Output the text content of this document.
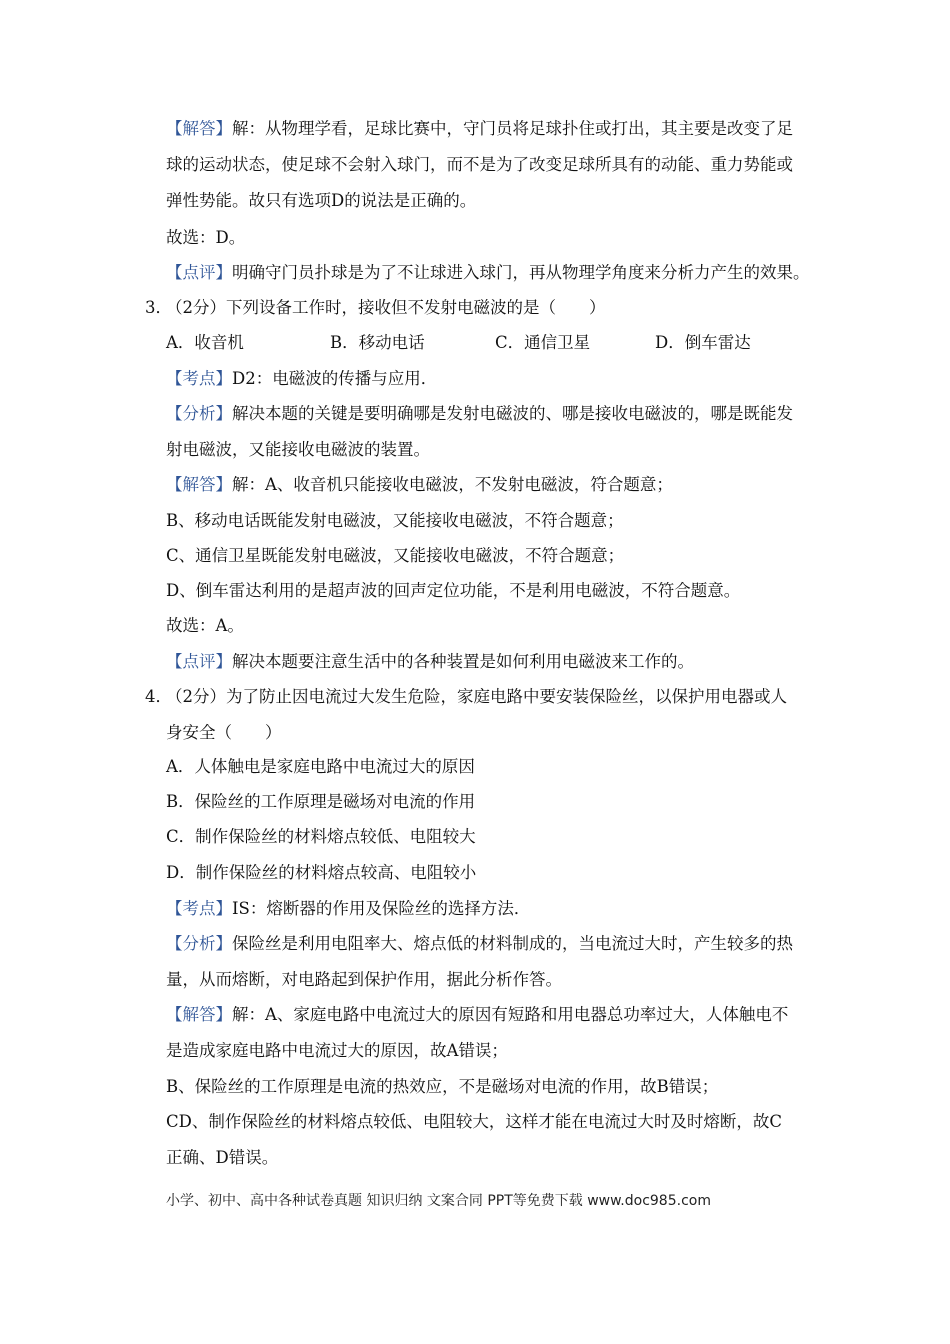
【解答】解：从物理学看，足球比赛中，守门员将足球扑住或打出，其主要是改变了足
球的运动状态，使足球不会射入球门，而不是为了改变足球所具有的动能、重力势能或
弹性势能。故只有选项D的说法是正确的。
故选：D。
【点评】明确守门员扑球是为了不让球进入球门，再从物理学角度来分析力产生的效果。
3．
（2分）下列设备工作时，接收但不发射电磁波的是（　　）
A．收音机	B．移动电话	C．通信卫星	D．倒车雷达
【考点】D2：电磁波的传播与应用．
【分析】解决本题的关键是要明确哪是发射电磁波的、哪是接收电磁波的，哪是既能发
射电磁波，又能接收电磁波的装置。
【解答】解：A、收音机只能接收电磁波，不发射电磁波，符合题意；
B、移动电话既能发射电磁波，又能接收电磁波，不符合题意；
C、通信卫星既能发射电磁波，又能接收电磁波，不符合题意；
D、倒车雷达利用的是超声波的回声定位功能，不是利用电磁波，不符合题意。
故选：A。
【点评】解决本题要注意生活中的各种装置是如何利用电磁波来工作的。
4．
（2分）为了防止因电流过大发生危险，家庭电路中要安装保险丝，以保护用电器或人
身安全（　　）
A．人体触电是家庭电路中电流过大的原因
B．保险丝的工作原理是磁场对电流的作用
C．制作保险丝的材料熔点较低、电阻较大
D．制作保险丝的材料熔点较高、电阻较小
【考点】IS：熔断器的作用及保险丝的选择方法．
【分析】保险丝是利用电阻率大、熔点低的材料制成的，当电流过大时，产生较多的热
量，从而熔断，对电路起到保护作用，据此分析作答。
【解答】解：A、家庭电路中电流过大的原因有短路和用电器总功率过大，人体触电不
是造成家庭电路中电流过大的原因，故A错误；
B、保险丝的工作原理是电流的热效应，不是磁场对电流的作用，故B错误；
CD、制作保险丝的材料熔点较低、电阻较大，这样才能在电流过大时及时熔断，故C
正确、D错误。
小学、初中、高中各种试卷真题 知识归纳 文案合同 PPT等免费下载 www.doc985.com
